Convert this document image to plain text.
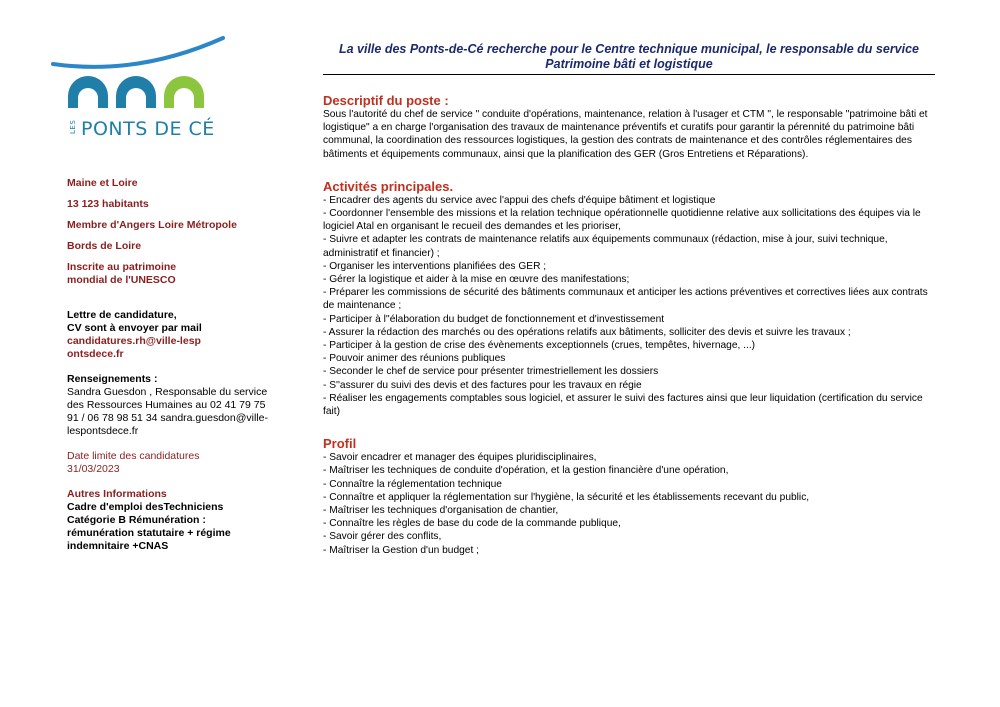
LES PONTS DE CÉ
Maine et Loire
13 123 habitants
Membre d'Angers Loire Métropole
Bords de Loire
Inscrite au patrimoine mondial de l'UNESCO
Lettre de candidature,
CV sont à envoyer par mail
candidatures.rh@ville-lespontsdece.fr
Renseignements :
Sandra Guesdon , Responsable du service des Ressources Humaines au 02 41 79 75 91 / 06 78 98 51 34 sandra.guesdon@ville-lespontsdece.fr
Date limite des candidatures
31/03/2023
Autres Informations
Cadre d'emploi desTechniciens Catégorie B Rémunération : rémunération statutaire + régime indemnitaire +CNAS
La ville des Ponts-de-Cé recherche pour le Centre technique municipal, le responsable du service Patrimoine bâti et logistique
Descriptif du poste :

Sous l'autorité du chef de service " conduite d'opérations, maintenance, relation à l'usager et CTM ", le responsable "patrimoine bâti et logistique" a en charge l'organisation des travaux de maintenance préventifs et curatifs pour garantir la pérennité du patrimoine bâti communal, la coordination des ressources logistiques, la gestion des contrats de maintenance et des contrôles réglementaires des bâtiments et équipements communaux, ainsi que la planification des GER (Gros Entretiens et Réparations).

Activités principales.
- Encadrer des agents du service avec l'appui des chefs d'équipe bâtiment et logistique
- Coordonner l'ensemble des missions et la relation technique opérationnelle quotidienne relative aux sollicitations des équipes via le logiciel Atal en organisant le recueil des demandes et les prioriser,
- Suivre et adapter les contrats de maintenance relatifs aux équipements communaux (rédaction, mise à jour, suivi technique, administratif et financier) ;
- Organiser les interventions planifiées des GER ;
- Gérer la logistique et aider à la mise en œuvre des manifestations;
- Préparer les commissions de sécurité des bâtiments communaux et anticiper les actions préventives et correctives liées aux contrats de maintenance ;
- Participer à l''élaboration du budget de fonctionnement et d'investissement
- Assurer la rédaction des marchés ou des opérations relatifs aux bâtiments, solliciter des devis et suivre les travaux ;
- Participer à la gestion de crise des évènements exceptionnels (crues, tempêtes, hivernage, ...)
- Pouvoir animer des réunions publiques
- Seconder le chef de service pour présenter trimestriellement les dossiers
- S''assurer du suivi des devis et des factures pour les travaux en régie
- Réaliser les engagements comptables sous logiciel, et assurer le suivi des factures ainsi que leur liquidation (certification du service fait)
Profil
- Savoir encadrer et manager des équipes pluridisciplinaires,
- Maîtriser les techniques de conduite d'opération, et la gestion financière d'une opération,
- Connaître la réglementation technique
- Connaître et appliquer la réglementation sur l'hygiène, la sécurité et les établissements recevant du public,
- Maîtriser les techniques d'organisation de chantier,
- Connaître les règles de base du code de la commande publique,
- Savoir gérer des conflits,
- Maîtriser la Gestion d'un budget ;
